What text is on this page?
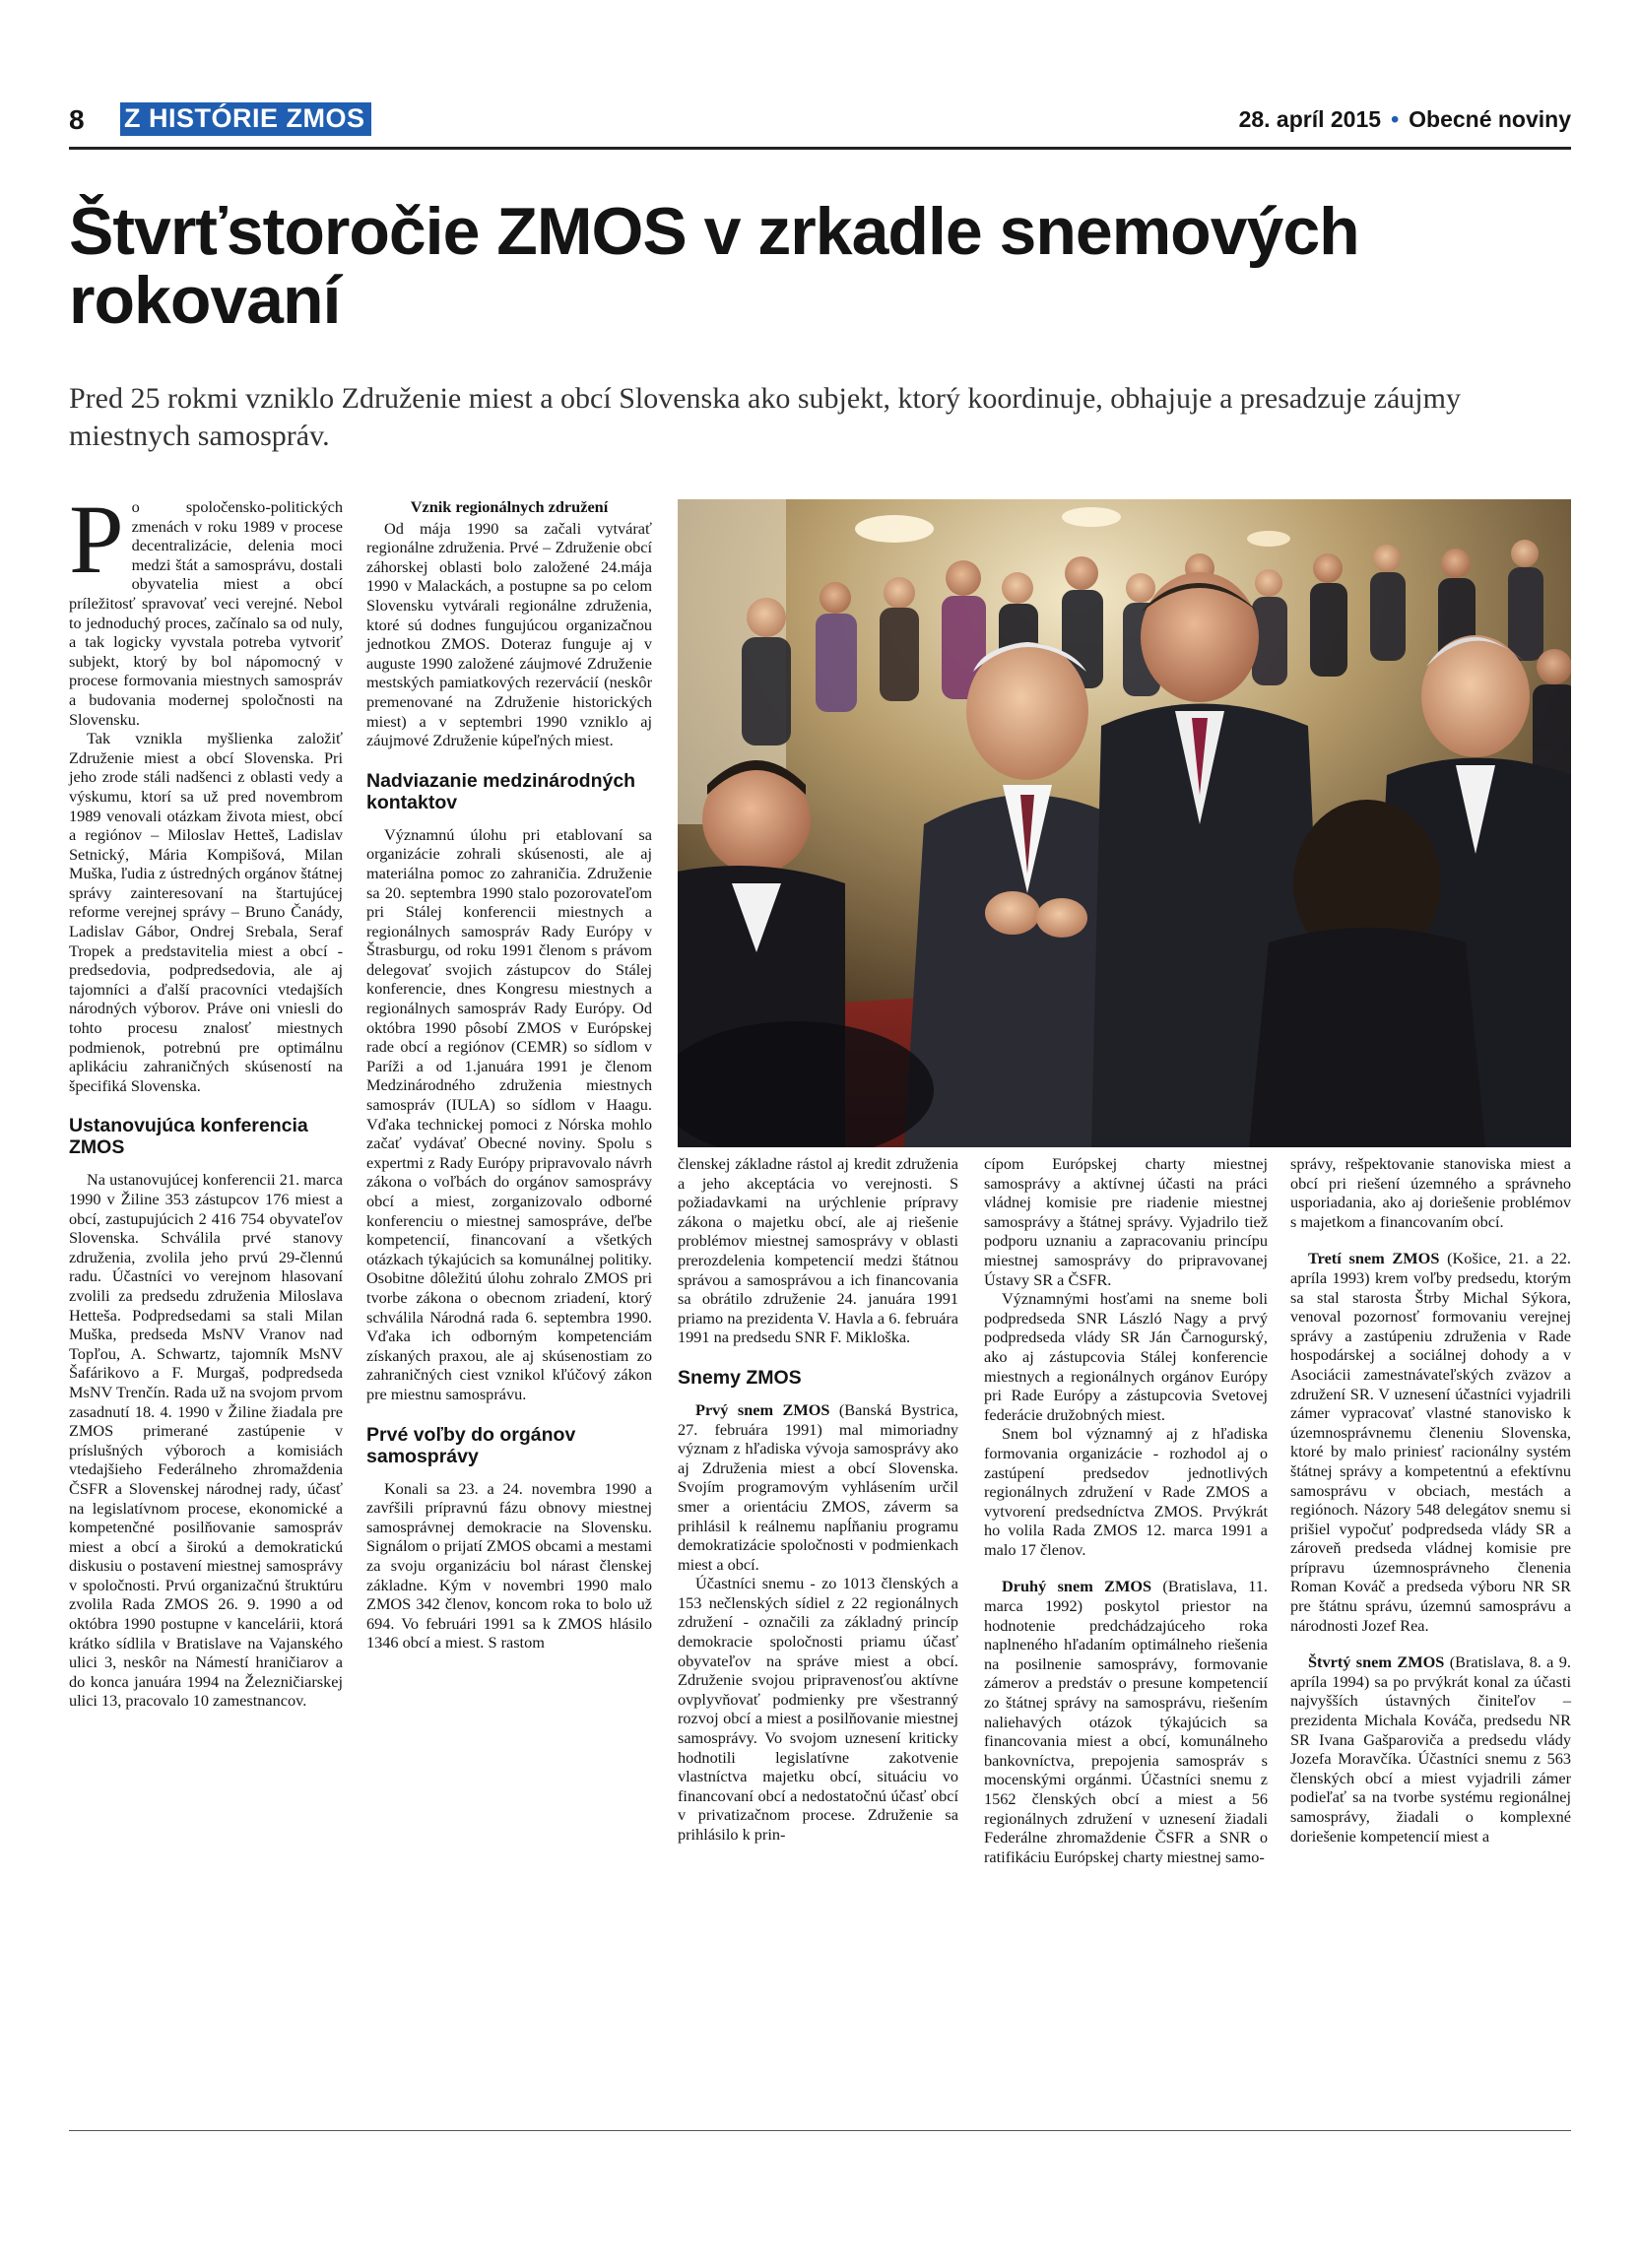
8 Z HISTÓRIE ZMOS	28. apríl 2015 • Obecné noviny
Štvrťstoročie ZMOS v zrkadle snemových rokovaní

Pred 25 rokmi vzniklo Združenie miest a obcí Slovenska ako subjekt, ktorý koordinuje, obhajuje a presadzuje záujmy miestnych samospráv.

Po spoločensko-politických zmenách v roku 1989 v procese decentralizácie, delenia moci medzi štát a samosprávu, dostali obyvatelia miest a obcí príležitosť spravovať veci verejné. Nebol to jednoduchý proces, začínalo sa od nuly, a tak logicky vyvstala potreba vytvoriť subjekt, ktorý by bol nápomocný v procese formovania miestnych samospráv a budovania modernej spoločnosti na Slovensku.

Tak vznikla myšlienka založiť Združenie miest a obcí Slovenska. Pri jeho zrode stáli nadšenci z oblasti vedy a výskumu, ktorí sa už pred novembrom 1989 venovali otázkam života miest, obcí a regiónov – Miloslav Hetteš, Ladislav Setnický, Mária Kompišová, Milan Muška, ľudia z ústredných orgánov štátnej správy zainteresovaní na štartujúcej reforme verejnej správy – Bruno Čanády, Ladislav Gábor, Ondrej Srebala, Seraf Tropek a predstavitelia miest a obcí - predsedovia, podpredsedovia, ale aj tajomníci a ďalší pracovníci vtedajších národných výborov. Práve oni vniesli do tohto procesu znalosť miestnych podmienok, potrebnú pre optimálnu aplikáciu zahraničných skúseností na špecifiká Slovenska.

Ustanovujúca konferencia ZMOS

Na ustanovujúcej konferencii 21. marca 1990 v Žiline 353 zástupcov 176 miest a obcí, zastupujúcich 2 416 754 obyvateľov Slovenska. Schválila prvé stanovy združenia, zvolila jeho prvú 29-člennú radu. Účastníci vo verejnom hlasovaní zvolili za predsedu združenia Miloslava Hetteša. Podpredsedami sa stali Milan Muška, predseda MsNV Vranov nad Topľou, A. Schwartz, tajomník MsNV Šafárikovo a F. Murgaš, podpredseda MsNV Trenčín. Rada už na svojom prvom zasadnutí 18. 4. 1990 v Žiline žiadala pre ZMOS primerané zastúpenie v príslušných výboroch a komisiách vtedajšieho Federálneho zhromaždenia ČSFR a Slovenskej národnej rady, účasť na legislatívnom procese, ekonomické a kompetenčné posilňovanie samospráv miest a obcí a širokú a demokratickú diskusiu o postavení miestnej samosprávy v spoločnosti. Prvú organizačnú štruktúru zvolila Rada ZMOS 26. 9. 1990 a od októbra 1990 postupne v kancelárii, ktorá krátko sídlila v Bratislave na Vajanského ulici 3, neskôr na Námestí hraničiarov a do konca januára 1994 na Železničiarskej ulici 13, pracovalo 10 zamestnancov.

Vznik regionálnych združení

Od mája 1990 sa začali vytvárať regionálne združenia. Prvé – Združenie obcí záhorskej oblasti bolo založené 24.mája 1990 v Malackách, a postupne sa po celom Slovensku vytvárali regionálne združenia, ktoré sú dodnes fungujúcou organizačnou jednotkou ZMOS. Doteraz funguje aj v auguste 1990 založené záujmové Združenie mestských pamiatkových rezervácií (neskôr premenované na Združenie historických miest) a v septembri 1990 vzniklo aj záujmové Združenie kúpeľných miest.

Nadviazanie medzinárodných kontaktov

Významnú úlohu pri etablovaní sa organizácie zohrali skúsenosti, ale aj materiálna pomoc zo zahraničia. Združenie sa 20. septembra 1990 stalo pozorovateľom pri Stálej konferencii miestnych a regionálnych samospráv Rady Európy v Štrasburgu, od roku 1991 členom s právom delegovať svojich zástupcov do Stálej konferencie, dnes Kongresu miestnych a regionálnych samospráv Rady Európy. Od októbra 1990 pôsobí ZMOS v Európskej rade obcí a regiónov (CEMR) so sídlom v Paríži a od 1.januára 1991 je členom Medzinárodného združenia miestnych samospráv (IULA) so sídlom v Haagu. Vďaka technickej pomoci z Nórska mohlo začať vydávať Obecné noviny. Spolu s expertmi z Rady Európy pripravovalo návrh zákona o voľbách do orgánov samosprávy obcí a miest, zorganizovalo odborné konferenciu o miestnej samospráve, deľbe kompetencií, financovaní a všetkých otázkach týkajúcich sa komunálnej politiky. Osobitne dôležitú úlohu zohralo ZMOS pri tvorbe zákona o obecnom zriadení, ktorý schválila Národná rada 6. septembra 1990. Vďaka ich odborným kompetenciám získaných praxou, ale aj skúsenostiam zo zahraničných ciest vznikol kľúčový zákon pre miestnu samosprávu.

Prvé voľby do orgánov samosprávy

Konali sa 23. a 24. novembra 1990 a zavŕšili prípravnú fázu obnovy miestnej samosprávnej demokracie na Slovensku. Signálom o prijatí ZMOS obcami a mestami za svoju organizáciu bol nárast členskej základne. Kým v novembri 1990 malo ZMOS 342 členov, koncom roka to bolo už 694. Vo februári 1991 sa k ZMOS hlásilo 1346 obcí a miest. S rastom

členskej základne rástol aj kredit združenia a jeho akceptácia vo verejnosti. S požiadavkami na urýchlenie prípravy zákona o majetku obcí, ale aj riešenie problémov miestnej samosprávy v oblasti prerozdelenia kompetencií medzi štátnou správou a samosprávou a ich financovania sa obrátilo združenie 24. januára 1991 priamo na prezidenta V. Havla a 6. februára 1991 na predsedu SNR F. Mikloška.

Snemy ZMOS

Prvý snem ZMOS (Banská Bystrica, 27. februára 1991) mal mimoriadny význam z hľadiska vývoja samosprávy ako aj Združenia miest a obcí Slovenska. Svojím programovým vyhlásením určil smer a orientáciu ZMOS, záverm sa prihlásil k reálnemu napĺňaniu programu demokratizácie spoločnosti v podmienkach miest a obcí.

Účastníci snemu - zo 1013 členských a 153 nečlenských sídiel z 22 regionálnych združení - označili za základný princíp demokracie spoločnosti priamu účasť obyvateľov na správe miest a obcí. Združenie svojou pripravenosťou aktívne ovplyvňovať podmienky pre všestranný rozvoj obcí a miest a posilňovanie miestnej samosprávy. Vo svojom uznesení kriticky hodnotili legislatívne zakotvenie vlastníctva majetku obcí, situáciu vo financovaní obcí a nedostatočnú účasť obcí v privatizačnom procese. Združenie sa prihlásilo k prin-

cípom Európskej charty miestnej samosprávy a aktívnej účasti na práci vládnej komisie pre riadenie miestnej samosprávy a štátnej správy. Vyjadrilo tiež podporu uznaniu a zapracovaniu princípu miestnej samosprávy do pripravovanej Ústavy SR a ČSFR.

Významnými hosťami na sneme boli podpredseda SNR László Nagy a prvý podpredseda vlády SR Ján Čarnogurský, ako aj zástupcovia Stálej konferencie miestnych a regionálnych orgánov Európy pri Rade Európy a zástupcovia Svetovej federácie družobných miest.

Snem bol významný aj z hľadiska formovania organizácie - rozhodol aj o zastúpení predsedov jednotlivých regionálnych združení v Rade ZMOS a vytvorení predsedníctva ZMOS. Prvýkrát ho volila Rada ZMOS 12. marca 1991 a malo 17 členov.

Druhý snem ZMOS (Bratislava, 11. marca 1992) poskytol priestor na hodnotenie predchádzajúceho roka naplneného hľadaním optimálneho riešenia na posilnenie samosprávy, formovanie zámerov a predstáv o presune kompetencií zo štátnej správy na samosprávu, riešením naliehavých otázok týkajúcich sa financovania miest a obcí, komunálneho bankovníctva, prepojenia samospráv s mocenskými orgánmi. Účastníci snemu z 1562 členských obcí a miest a 56 regionálnych združení v uznesení žiadali Federálne zhromaždenie ČSFR a SNR o ratifikáciu Európskej charty miestnej samo-

správy, rešpektovanie stanoviska miest a obcí pri riešení územného a správneho usporiadania, ako aj doriešenie problémov s majetkom a financovaním obcí.

Tretí snem ZMOS (Košice, 21. a 22. apríla 1993) krem voľby predsedu, ktorým sa stal starosta Štrby Michal Sýkora, venoval pozornosť formovaniu verejnej správy a zastúpeniu združenia v Rade hospodárskej a sociálnej dohody a v Asociácii zamestnávateľských zväzov a združení SR. V uznesení účastníci vyjadrili zámer vypracovať vlastné stanovisko k územnosprávnemu členeniu Slovenska, ktoré by malo priniesť racionálny systém štátnej správy a kompetentnú a efektívnu samosprávu v obciach, mestách a regiónoch. Názory 548 delegátov snemu si prišiel vypočuť podpredseda vlády SR a zároveň predseda vládnej komisie pre prípravu územnosprávneho členenia Roman Kováč a predseda výboru NR SR pre štátnu správu, územnú samosprávu a národnosti Jozef Rea.

Štvrtý snem ZMOS (Bratislava, 8. a 9. apríla 1994) sa po prvýkrát konal za účasti najvyšších ústavných činiteľov – prezidenta Michala Kováča, predsedu NR SR Ivana Gašparoviča a predsedu vlády Jozefa Moravčíka. Účastníci snemu z 563 členských obcí a miest vyjadrili zámer podieľať sa na tvorbe systému regionálnej samosprávy, žiadali o komplexné doriešenie kompetencií miest a
